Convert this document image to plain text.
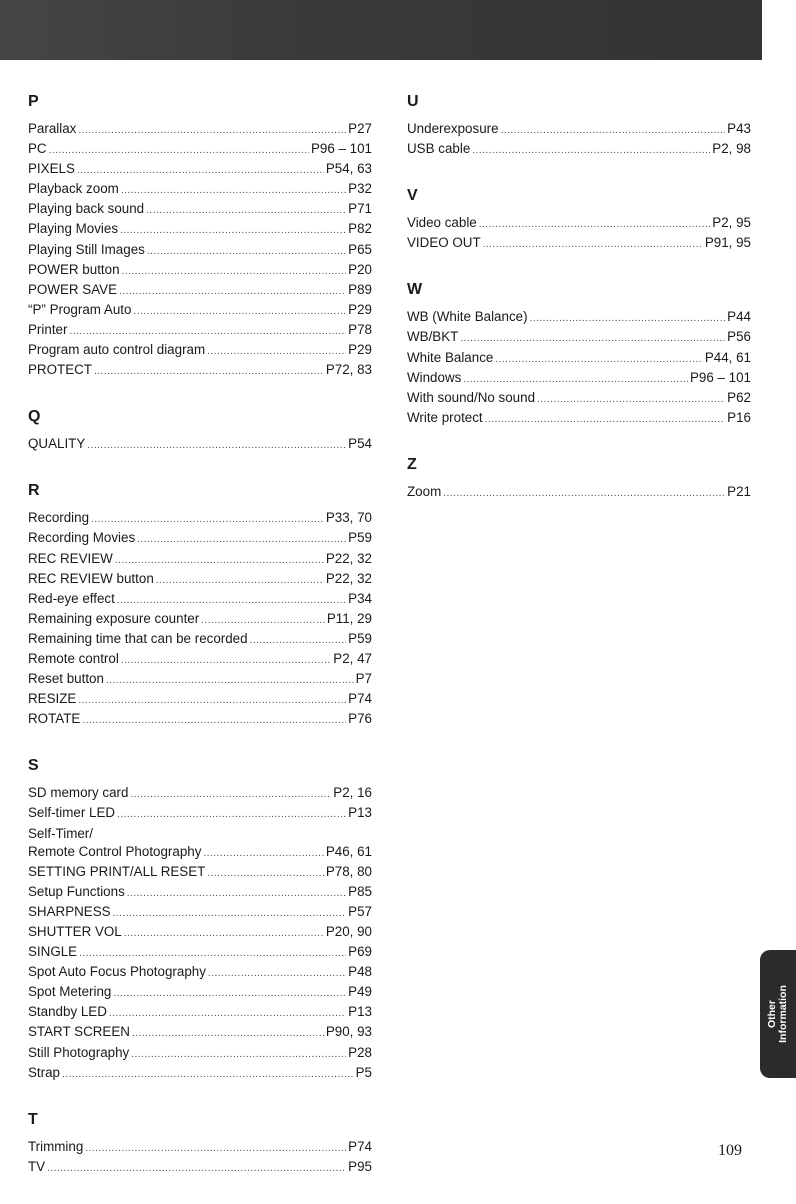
P
Parallax .....	P27
PC .....	P96 – 101
PIXELS .....	P54, 63
Playback zoom .....	P32
Playing back sound .....	P71
Playing Movies .....	P82
Playing Still Images .....	P65
POWER button .....	P20
POWER SAVE .....	P89
“P” Program Auto .....	P29
Printer .....	P78
Program auto control diagram .....	P29
PROTECT .....	P72, 83
Q
QUALITY .....	P54
R
Recording .....	P33, 70
Recording Movies .....	P59
REC REVIEW .....	P22, 32
REC REVIEW button .....	P22, 32
Red-eye effect .....	P34
Remaining exposure counter .....	P11, 29
Remaining time that can be recorded .....	P59
Remote control .....	P2, 47
Reset button .....	P7
RESIZE .....	P74
ROTATE .....	P76
S
SD memory card .....	P2, 16
Self-timer LED .....	P13
Self-Timer/
Remote Control Photography .....	P46, 61
SETTING PRINT/ALL RESET .....	P78, 80
Setup Functions .....	P85
SHARPNESS .....	P57
SHUTTER VOL .....	P20, 90
SINGLE .....	P69
Spot Auto Focus Photography .....	P48
Spot Metering .....	P49
Standby LED .....	P13
START SCREEN .....	P90, 93
Still Photography .....	P28
Strap .....	P5
T
Trimming .....	P74
TV .....	P95
U
Underexposure .....	P43
USB cable .....	P2, 98
V
Video cable .....	P2, 95
VIDEO OUT .....	P91, 95
W
WB (White Balance) .....	P44
WB/BKT .....	P56
White Balance .....	P44, 61
Windows .....	P96 – 101
With sound/No sound .....	P62
Write protect .....	P16
Z
Zoom .....	P21
Other Information
109
